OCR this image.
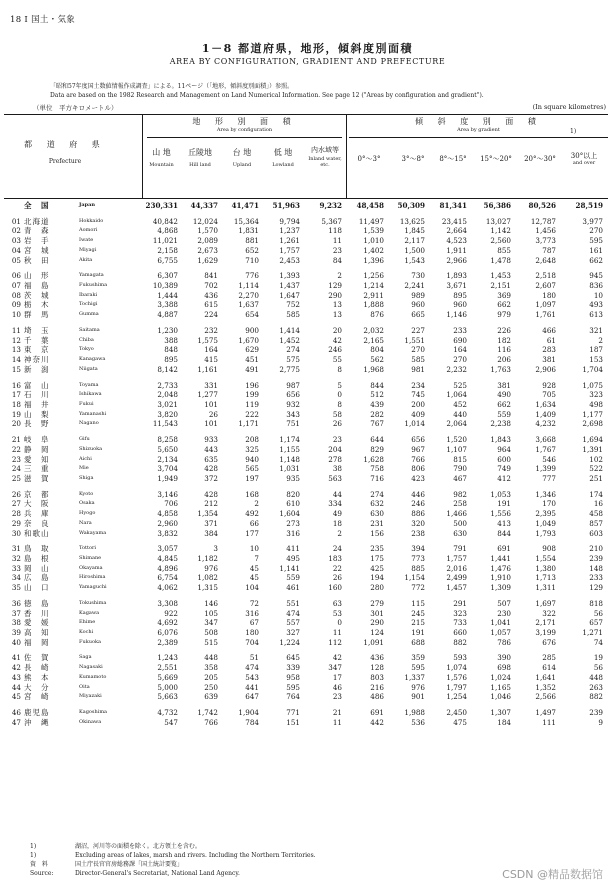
18 I 国土・気象
1－8 都道府県，地形，傾斜度別面積
AREA BY CONFIGURATION, GRADIENT AND PREFECTURE
「昭和57年度国土数値情報作成調査」による。11ページ（「地形，傾斜度別面積」）参照。
Data are based on the 1982 Research and Management on Land Numerical Information. See page 12 ("Areas by configuration and gradient").
（単位　平方キロメートル）	(In square kilometres)
都 道 府 県
Prefecture
地 形 別 面 積
Area by configuration
傾 斜 度 別 面 積
Area by gradient	1)
山 地
Mountain
丘陵地
Hill land
台 地
Upland
低 地
Lowland
内水域等
Inland water, etc.
0°～3°	3°～8°	8°～15°	15°～20°	20°～30°	30°以上
and over
	全　国	Japan	230,331	44,337	41,471	51,963	9,232	48,458	50,309	81,341	56,386	80,526	28,519

01	北海道	Hokkaido	40,842	12,024	15,364	9,794	5,367	11,497	13,625	23,415	13,027	12,787	3,977
02	青　森	Aomori	4,868	1,570	1,831	1,237	118	1,539	1,845	2,664	1,142	1,456	270
03	岩　手	Iwate	11,021	2,089	881	1,261	11	1,010	2,117	4,523	2,560	3,773	595
04	宮　城	Miyagi	2,158	2,673	652	1,757	23	1,402	1,500	1,911	855	787	161
05	秋　田	Akita	6,755	1,629	710	2,453	84	1,396	1,543	2,966	1,478	2,648	662

06	山　形	Yamagata	6,307	841	776	1,393	2	1,256	730	1,893	1,453	2,518	945
07	福　島	Fukushima	10,389	702	1,114	1,437	129	1,214	2,241	3,671	2,151	2,607	836
08	茨　城	Ibaraki	1,444	436	2,270	1,647	290	2,911	989	895	369	180	10
09	栃　木	Tochigi	3,388	615	1,637	752	13	1,888	960	960	662	1,097	493
10	群　馬	Gumma	4,887	224	654	585	13	876	665	1,146	979	1,761	613

11	埼　玉	Saitama	1,230	232	900	1,414	20	2,032	227	233	226	466	321
12	千　葉	Chiba	388	1,575	1,670	1,452	42	2,165	1,551	690	182	61	2
13	東　京	Tokyo	848	164	629	274	246	804	270	164	116	283	187
14	神奈川	Kanagawa	895	415	451	575	55	562	585	270	206	381	153
15	新　潟	Niigata	8,142	1,161	491	2,775	8	1,968	981	2,232	1,763	2,906	1,704

16	富　山	Toyama	2,733	331	196	987	5	844	234	525	381	928	1,075
17	石　川	Ishikawa	2,048	1,277	199	656	0	512	745	1,064	490	705	323
18	福　井	Fukui	3,021	101	119	932	8	439	200	452	662	1,634	498
19	山　梨	Yamanashi	3,820	26	222	343	58	282	409	440	559	1,409	1,177
20	長　野	Nagano	11,543	101	1,171	751	26	767	1,014	2,064	2,238	4,232	2,698

21	岐　阜	Gifu	8,258	933	208	1,174	23	644	656	1,520	1,843	3,668	1,694
22	静　岡	Shizuoka	5,650	443	325	1,155	204	829	967	1,107	964	1,767	1,391
23	愛　知	Aichi	2,134	635	940	1,148	278	1,628	766	815	600	546	102
24	三　重	Mie	3,704	428	565	1,031	38	758	806	790	749	1,399	522
25	滋　賀	Shiga	1,949	372	197	935	563	716	423	467	412	777	251

26	京　都	Kyoto	3,146	428	168	820	44	274	446	982	1,053	1,346	174
27	大　阪	Osaka	706	212	2	610	334	632	246	258	191	170	16
28	兵　庫	Hyogo	4,858	1,354	492	1,604	49	630	886	1,466	1,556	2,395	458
29	奈　良	Nara	2,960	371	66	273	18	231	320	500	413	1,049	857
30	和歌山	Wakayama	3,832	384	177	316	2	156	238	630	844	1,793	603

31	鳥　取	Tottori	3,057	3	10	411	24	235	394	791	691	908	210
32	島　根	Shimane	4,845	1,182	7	495	183	175	773	1,757	1,441	1,554	239
33	岡　山	Okayama	4,896	976	45	1,141	22	425	885	2,016	1,476	1,380	148
34	広　島	Hiroshima	6,754	1,082	45	559	26	194	1,154	2,499	1,910	1,713	233
35	山　口	Yamaguchi	4,062	1,315	104	461	160	280	772	1,457	1,309	1,311	129

36	徳　島	Tokushima	3,308	146	72	551	63	279	115	291	507	1,697	818
37	香　川	Kagawa	922	105	316	474	53	301	245	323	230	322	56
38	愛　媛	Ehime	4,692	347	67	557	0	290	215	733	1,041	2,171	657
39	高　知	Kochi	6,076	508	180	327	11	124	191	660	1,057	3,199	1,271
40	福　岡	Fukuoka	2,389	515	704	1,224	112	1,091	688	882	786	676	74

41	佐　賀	Saga	1,243	448	51	645	42	436	359	593	390	285	19
42	長　崎	Nagasaki	2,551	358	474	339	347	128	595	1,074	698	614	56
43	熊　本	Kumamoto	5,669	205	543	958	17	803	1,337	1,576	1,024	1,641	448
44	大　分	Oita	5,000	250	441	595	46	216	976	1,797	1,165	1,352	263
45	宮　崎	Miyazaki	5,663	639	647	764	23	486	901	1,254	1,046	2,566	882

46	鹿児島	Kagoshima	4,732	1,742	1,904	771	21	691	1,988	2,450	1,307	1,497	239
47	沖　縄	Okinawa	547	766	784	151	11	442	536	475	184	111	9
1)	湖沼，河川等の面積を除く。北方領土を含む。
1)	Excluding areas of lakes, marsh and rivers. Including the Northern Territories.
資　料	国土庁長官官房総務課「国土統計要覧」
Source:	Director-General's Secretariat, National Land Agency.	CSDN @精品数据馆
